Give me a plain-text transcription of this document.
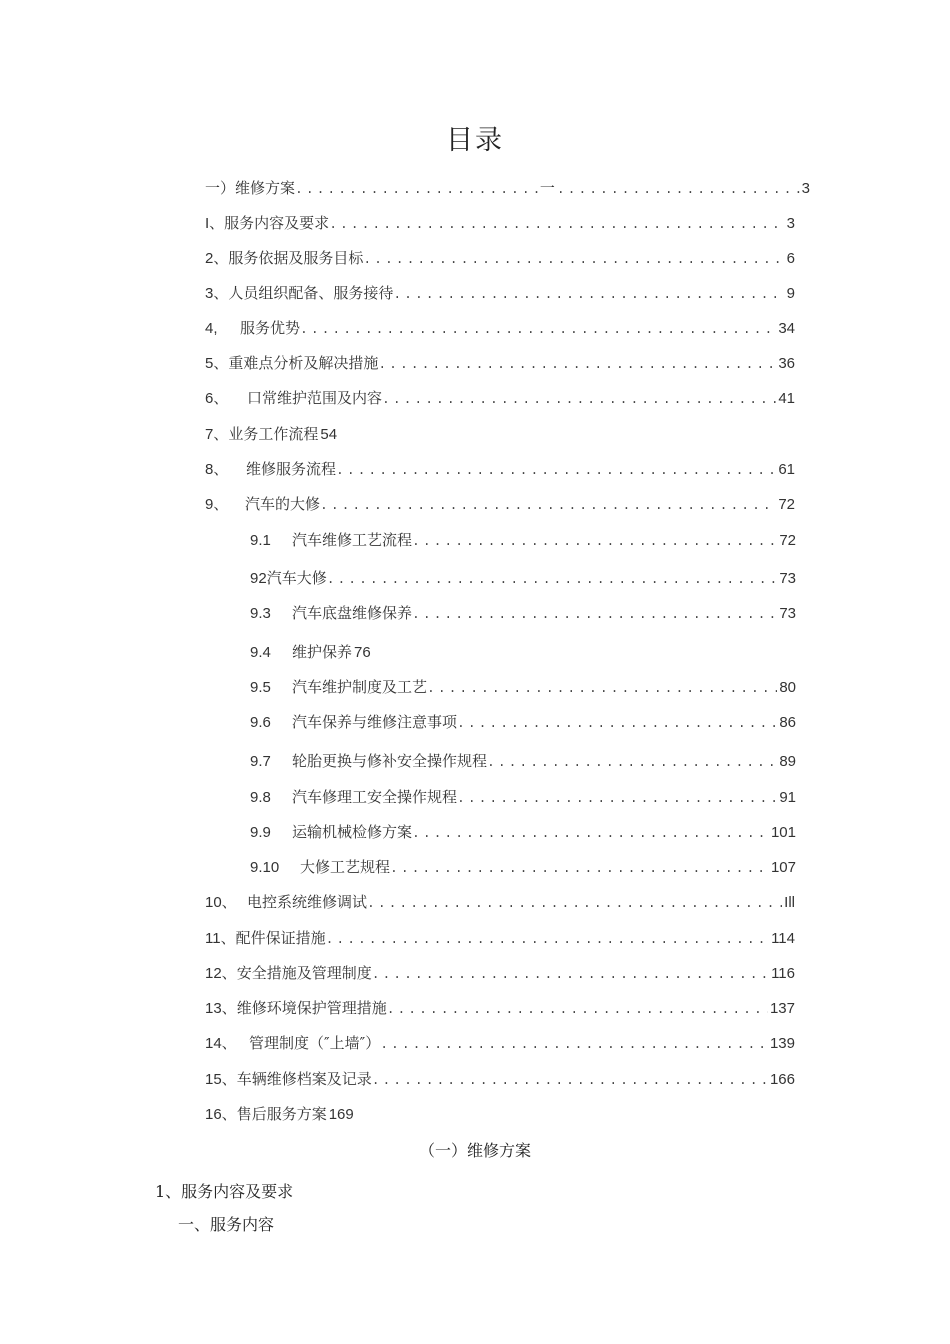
目录
一）维修方案 .....	一 .....	3
I、 服务内容及要求 .....	3
2、 服务依据及服务目标 .....	6
3、 人员组织配备、服务接待 .....	9
4,	服务优势 .....	34
5、 重难点分析及解决措施 .....	36
6、	口常维护范围及内容 .....	41
7、 业务工作流程 54
8、	维修服务流程 .....	61
9、	汽车的大修 .....	72
9.1	汽车维修工艺流程 .....	72
92 汽车大修 .....	73
9.3	汽车底盘维修保养 .....	73
9.4	维护保养 76
9.5	汽车维护制度及工艺 .....	80
9.6	汽车保养与维修注意事项 .....	86
9.7	轮胎更换与修补安全操作规程 .....	89
9.8	汽车修理工安全操作规程 .....	91
9.9	运输机械检修方案 .....	101
9.10	大修工艺规程 .....	107
10、 电控系统维修调试 .....	Ill
11、 配件保证措施 .....	114
12、 安全措施及管理制度 .....	116
13、 维修环境保护管理措施 .....	137
14、 管理制度（″上墙″） .....	139
15、 车辆维修档案及记录 .....	166
16、 售后服务方案 169
（一）维修方案
1、服务内容及要求
一、服务内容
